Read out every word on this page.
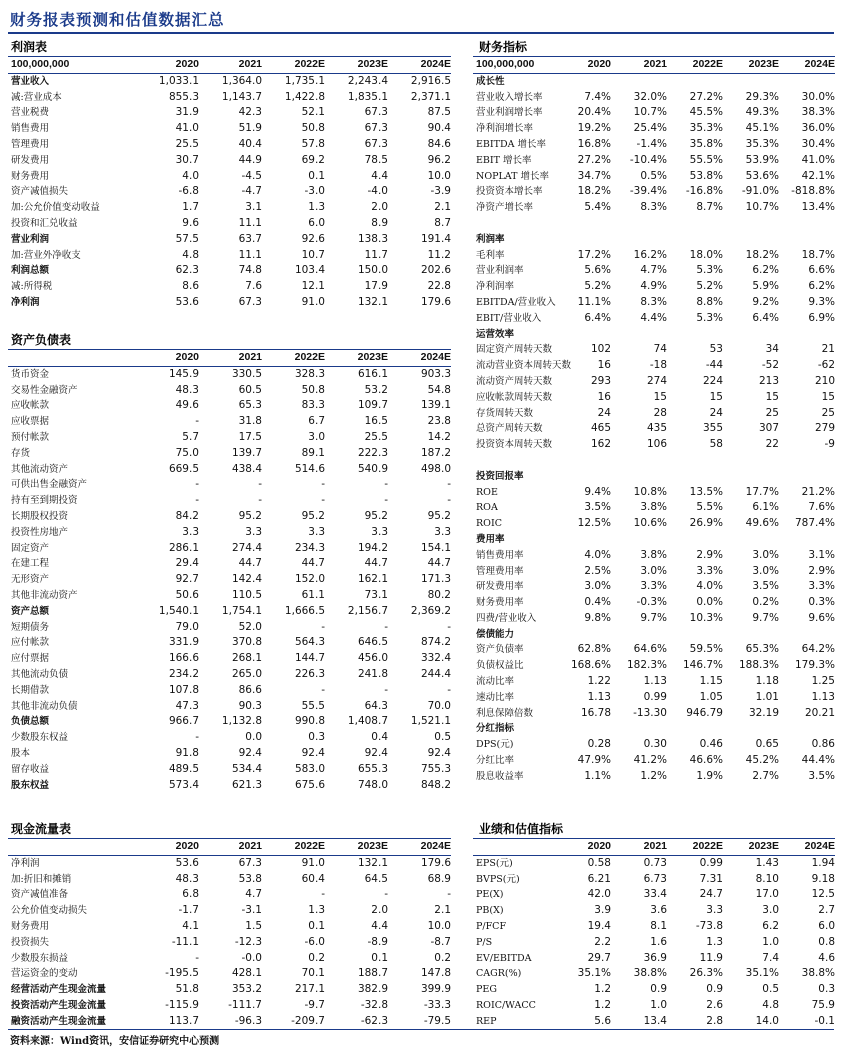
财务报表预测和估值数据汇总
利润表
100,000,000	2020	2021	2022E	2023E	2024E
营业收入	1,033.1	1,364.0	1,735.1	2,243.4	2,916.5
减:营业成本	855.3	1,143.7	1,422.8	1,835.1	2,371.1
营业税费	31.9	42.3	52.1	67.3	87.5
销售费用	41.0	51.9	50.8	67.3	90.4
管理费用	25.5	40.4	57.8	67.3	84.6
研发费用	30.7	44.9	69.2	78.5	96.2
财务费用	4.0	-4.5	0.1	4.4	10.0
资产减值损失	-6.8	-4.7	-3.0	-4.0	-3.9
加:公允价值变动收益	1.7	3.1	1.3	2.0	2.1
投资和汇兑收益	9.6	11.1	6.0	8.9	8.7
营业利润	57.5	63.7	92.6	138.3	191.4
加:营业外净收支	4.8	11.1	10.7	11.7	11.2
利润总额	62.3	74.8	103.4	150.0	202.6
减:所得税	8.6	7.6	12.1	17.9	22.8
净利润	53.6	67.3	91.0	132.1	179.6
资产负债表
	2020	2021	2022E	2023E	2024E
货币资金	145.9	330.5	328.3	616.1	903.3
交易性金融资产	48.3	60.5	50.8	53.2	54.8
应收帐款	49.6	65.3	83.3	109.7	139.1
应收票据	-	31.8	6.7	16.5	23.8
预付帐款	5.7	17.5	3.0	25.5	14.2
存货	75.0	139.7	89.1	222.3	187.2
其他流动资产	669.5	438.4	514.6	540.9	498.0
可供出售金融资产	-	-	-	-	-
持有至到期投资	-	-	-	-	-
长期股权投资	84.2	95.2	95.2	95.2	95.2
投资性房地产	3.3	3.3	3.3	3.3	3.3
固定资产	286.1	274.4	234.3	194.2	154.1
在建工程	29.4	44.7	44.7	44.7	44.7
无形资产	92.7	142.4	152.0	162.1	171.3
其他非流动资产	50.6	110.5	61.1	73.1	80.2
资产总额	1,540.1	1,754.1	1,666.5	2,156.7	2,369.2
短期债务	79.0	52.0	-	-	-
应付帐款	331.9	370.8	564.3	646.5	874.2
应付票据	166.6	268.1	144.7	456.0	332.4
其他流动负债	234.2	265.0	226.3	241.8	244.4
长期借款	107.8	86.6	-	-	-
其他非流动负债	47.3	90.3	55.5	64.3	70.0
负债总额	966.7	1,132.8	990.8	1,408.7	1,521.1
少数股东权益	-	0.0	0.3	0.4	0.5
股本	91.8	92.4	92.4	92.4	92.4
留存收益	489.5	534.4	583.0	655.3	755.3
股东权益	573.4	621.3	675.6	748.0	848.2
现金流量表
	2020	2021	2022E	2023E	2024E
净利润	53.6	67.3	91.0	132.1	179.6
加:折旧和摊销	48.3	53.8	60.4	64.5	68.9
资产减值准备	6.8	4.7	-	-	-
公允价值变动损失	-1.7	-3.1	1.3	2.0	2.1
财务费用	4.1	1.5	0.1	4.4	10.0
投资损失	-11.1	-12.3	-6.0	-8.9	-8.7
少数股东损益	-	-0.0	0.2	0.1	0.2
营运资金的变动	-195.5	428.1	70.1	188.7	147.8
经营活动产生现金流量	51.8	353.2	217.1	382.9	399.9
投资活动产生现金流量	-115.9	-111.7	-9.7	-32.8	-33.3
融资活动产生现金流量	113.7	-96.3	-209.7	-62.3	-79.5
财务指标
100,000,000	2020	2021	2022E	2023E	2024E
成长性					
营业收入增长率	7.4%	32.0%	27.2%	29.3%	30.0%
营业利润增长率	20.4%	10.7%	45.5%	49.3%	38.3%
净利润增长率	19.2%	25.4%	35.3%	45.1%	36.0%
EBITDA 增长率	16.8%	-1.4%	35.8%	35.3%	30.4%
EBIT 增长率	27.2%	-10.4%	55.5%	53.9%	41.0%
NOPLAT 增长率	34.7%	0.5%	53.8%	53.6%	42.1%
投资资本增长率	18.2%	-39.4%	-16.8%	-91.0%	-818.8%
净资产增长率	5.4%	8.3%	8.7%	10.7%	13.4%

利润率					
毛利率	17.2%	16.2%	18.0%	18.2%	18.7%
营业利润率	5.6%	4.7%	5.3%	6.2%	6.6%
净利润率	5.2%	4.9%	5.2%	5.9%	6.2%
EBITDA/营业收入	11.1%	8.3%	8.8%	9.2%	9.3%
EBIT/营业收入	6.4%	4.4%	5.3%	6.4%	6.9%
运营效率					
固定资产周转天数	102	74	53	34	21
流动营业资本周转天数	16	-18	-44	-52	-62
流动资产周转天数	293	274	224	213	210
应收帐款周转天数	16	15	15	15	15
存货周转天数	24	28	24	25	25
总资产周转天数	465	435	355	307	279
投资资本周转天数	162	106	58	22	-9

投资回报率					
ROE	9.4%	10.8%	13.5%	17.7%	21.2%
ROA	3.5%	3.8%	5.5%	6.1%	7.6%
ROIC	12.5%	10.6%	26.9%	49.6%	787.4%
费用率					
销售费用率	4.0%	3.8%	2.9%	3.0%	3.1%
管理费用率	2.5%	3.0%	3.3%	3.0%	2.9%
研发费用率	3.0%	3.3%	4.0%	3.5%	3.3%
财务费用率	0.4%	-0.3%	0.0%	0.2%	0.3%
四费/营业收入	9.8%	9.7%	10.3%	9.7%	9.6%
偿债能力					
资产负债率	62.8%	64.6%	59.5%	65.3%	64.2%
负债权益比	168.6%	182.3%	146.7%	188.3%	179.3%
流动比率	1.22	1.13	1.15	1.18	1.25
速动比率	1.13	0.99	1.05	1.01	1.13
利息保障倍数	16.78	-13.30	946.79	32.19	20.21
分红指标					
DPS(元)	0.28	0.30	0.46	0.65	0.86
分红比率	47.9%	41.2%	46.6%	45.2%	44.4%
股息收益率	1.1%	1.2%	1.9%	2.7%	3.5%
业绩和估值指标
	2020	2021	2022E	2023E	2024E
EPS(元)	0.58	0.73	0.99	1.43	1.94
BVPS(元)	6.21	6.73	7.31	8.10	9.18
PE(X)	42.0	33.4	24.7	17.0	12.5
PB(X)	3.9	3.6	3.3	3.0	2.7
P/FCF	19.4	8.1	-73.8	6.2	6.0
P/S	2.2	1.6	1.3	1.0	0.8
EV/EBITDA	29.7	36.9	11.9	7.4	4.6
CAGR(%)	35.1%	38.8%	26.3%	35.1%	38.8%
PEG	1.2	0.9	0.9	0.5	0.3
ROIC/WACC	1.2	1.0	2.6	4.8	75.9
REP	5.6	13.4	2.8	14.0	-0.1
资料来源：Wind资讯，安信证券研究中心预测
